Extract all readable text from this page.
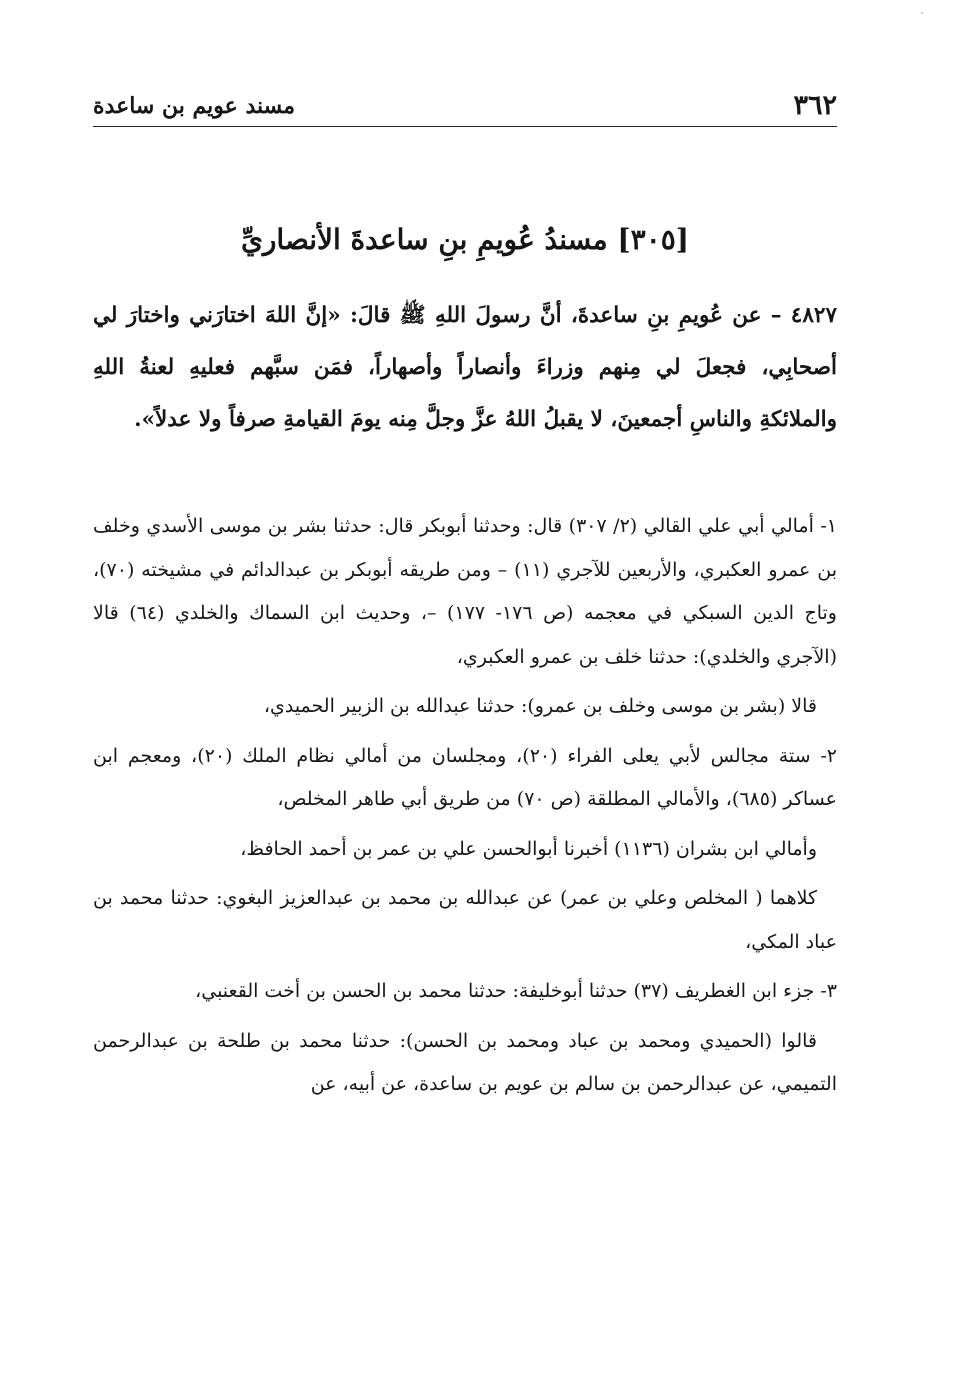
٣٦٢
مسند عويم بن ساعدة
[٣٠٥] مسندُ عُويمِ بنِ ساعدةَ الأنصاريِّ
٤٨٢٧ – عن عُويمِ بنِ ساعدةَ، أنَّ رسولَ اللهِ ﷺ قالَ: «إنَّ اللهَ اختارَني واختارَ لي أصحابِي، فجعلَ لي مِنهم وزراءَ وأنصاراً وأصهاراً، فمَن سبَّهم فعليهِ لعنةُ اللهِ والملائكةِ والناسِ أجمعينَ، لا يقبلُ اللهُ عزَّ وجلَّ مِنه يومَ القيامةِ صرفاً ولا عدلاً».

١- أمالي أبي علي القالي (٢/ ٣٠٧) قال: وحدثنا أبوبكر قال: حدثنا بشر بن موسى الأسدي وخلف بن عمرو العكبري، والأربعين للآجري (١١) – ومن طريقه أبوبكر بن عبدالدائم في مشيخته (٧٠)، وتاج الدين السبكي في معجمه (ص ١٧٦- ١٧٧) –، وحديث ابن السماك والخلدي (٦٤) قالا (الآجري والخلدي): حدثنا خلف بن عمرو العكبري،

قالا (بشر بن موسى وخلف بن عمرو): حدثنا عبدالله بن الزبير الحميدي،

٢- ستة مجالس لأبي يعلى الفراء (٢٠)، ومجلسان من أمالي نظام الملك (٢٠)، ومعجم ابن عساكر (٦٨٥)، والأمالي المطلقة (ص ٧٠) من طريق أبي طاهر المخلص،

وأمالي ابن بشران (١١٣٦) أخبرنا أبوالحسن علي بن عمر بن أحمد الحافظ،

كلاهما ( المخلص وعلي بن عمر) عن عبدالله بن محمد بن عبدالعزيز البغوي: حدثنا محمد بن عباد المكي،

٣- جزء ابن الغطريف (٣٧) حدثنا أبوخليفة: حدثنا محمد بن الحسن بن أخت القعنبي،

قالوا (الحميدي ومحمد بن عباد ومحمد بن الحسن): حدثنا محمد بن طلحة بن عبدالرحمن التميمي، عن عبدالرحمن بن سالم بن عويم بن ساعدة، عن أبيه، عن
